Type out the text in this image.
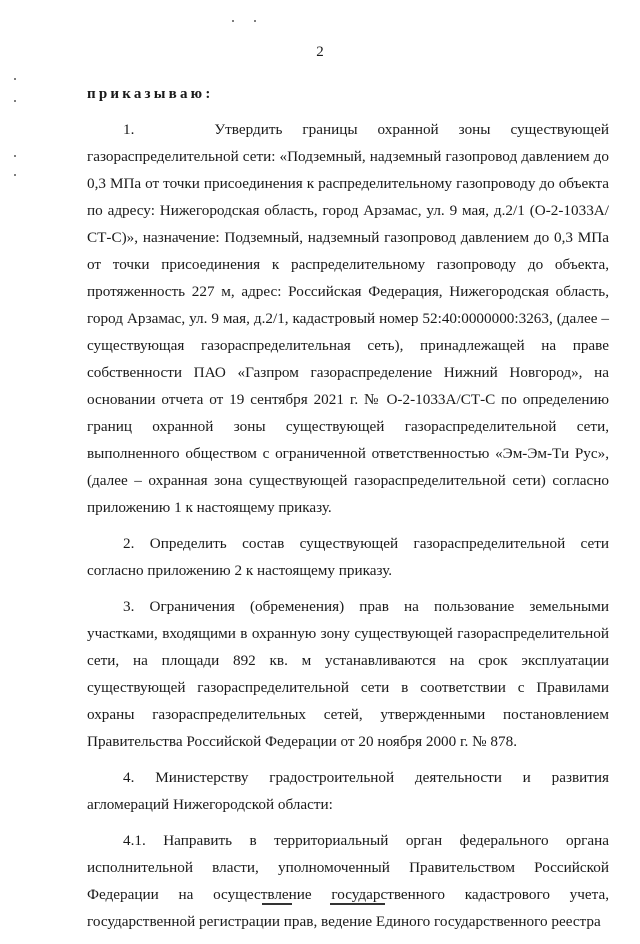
2
приказываю:

1.    Утвердить границы охранной зоны существующей газораспределительной сети: «Подземный, надземный газопровод давлением до 0,3 МПа от точки присоединения к распределительному газопроводу до объекта по адресу: Нижегородская область, город Арзамас, ул. 9 мая, д.2/1 (О-2-1033А/СТ-С)», назначение: Подземный, надземный газопровод давлением до 0,3 МПа от точки присоединения к распределительному газопроводу до объекта, протяженность 227 м, адрес: Российская Федерация, Нижегородская область, город Арзамас, ул. 9 мая, д.2/1, кадастровый номер 52:40:0000000:3263, (далее – существующая газораспределительная сеть), принадлежащей на праве собственности ПАО «Газпром газораспределение Нижний Новгород», на основании отчета от 19 сентября 2021 г. № О-2-1033А/СТ-С по определению границ охранной зоны существующей газораспределительной сети, выполненного обществом с ограниченной ответственностью «Эм-Эм-Ти Рус», (далее – охранная зона существующей газораспределительной сети) согласно приложению 1 к настоящему приказу.

2. Определить состав существующей газораспределительной сети согласно приложению 2 к настоящему приказу.

3. Ограничения (обременения) прав на пользование земельными участками, входящими в охранную зону существующей газораспределительной сети, на площади 892 кв. м устанавливаются на срок эксплуатации существующей газораспределительной сети в соответствии с Правилами охраны газораспределительных сетей, утвержденными постановлением Правительства Российской Федерации от 20 ноября 2000 г. № 878.

4. Министерству градостроительной деятельности и развития агломераций Нижегородской области:

4.1. Направить в территориальный орган федерального органа исполнительной власти, уполномоченный Правительством Российской Федерации на осуществление государственного кадастрового учета, государственной регистрации прав, ведение Единого государственного реестра
